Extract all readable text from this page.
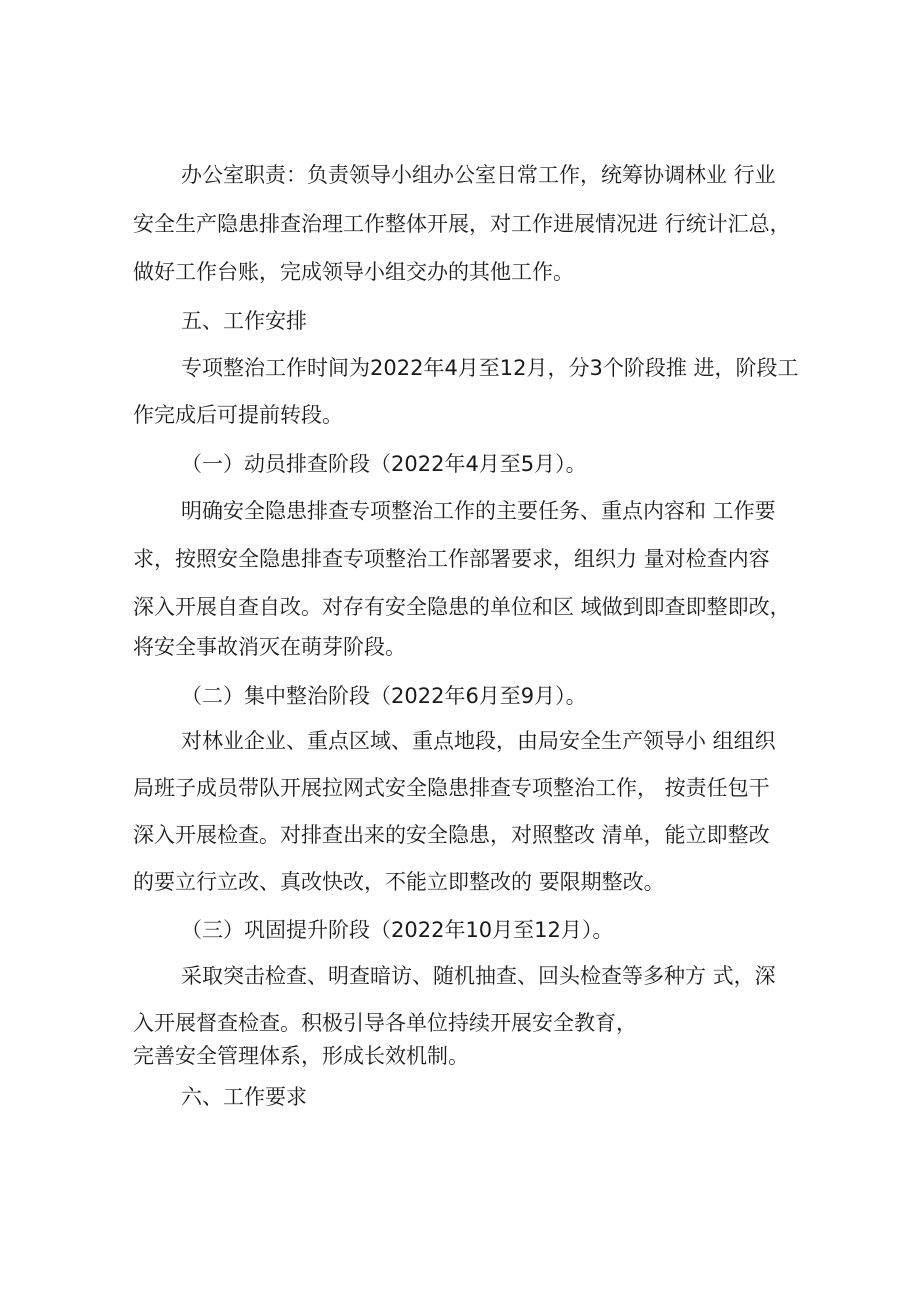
办公室职责：负责领导小组办公室日常工作，统筹协调林业 行业
安全生产隐患排查治理工作整体开展，对工作进展情况进 行统计汇总，
做好工作台账，完成领导小组交办的其他工作。
五、工作安排
专项整治工作时间为2022年4月至12月，分3个阶段推 进，阶段工
作完成后可提前转段。
（一）动员排查阶段（2022年4月至5月）。
明确安全隐患排查专项整治工作的主要任务、重点内容和 工作要
求，按照安全隐患排查专项整治工作部署要求，组织力 量对检查内容
深入开展自查自改。对存有安全隐患的单位和区 域做到即查即整即改，
将安全事故消灭在萌芽阶段。
（二）集中整治阶段（2022年6月至9月）。
对林业企业、重点区域、重点地段，由局安全生产领导小 组组织
局班子成员带队开展拉网式安全隐患排查专项整治工作， 按责任包干
深入开展检查。对排查出来的安全隐患，对照整改 清单，能立即整改
的要立行立改、真改快改，不能立即整改的 要限期整改。
（三）巩固提升阶段（2022年10月至12月）。
采取突击检查、明查暗访、随机抽查、回头检查等多种方 式，深
入开展督查检查。积极引导各单位持续开展安全教育，
完善安全管理体系，形成长效机制。
六、工作要求
